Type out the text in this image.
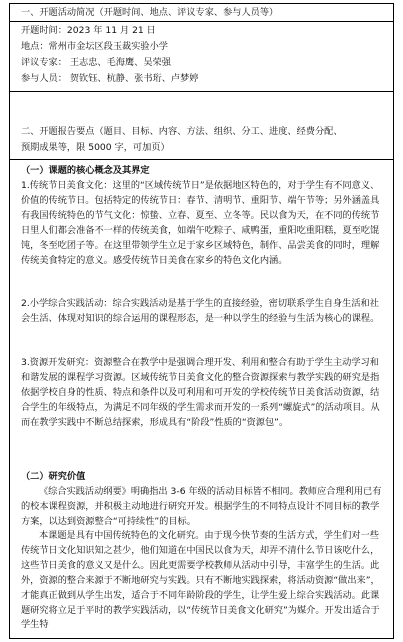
一、开题活动简况（开题时间、地点、评议专家、参与人员等）
开题时间：2023 年 11 月 21 日
地点：常州市金坛区段玉裁实验小学
评议专家： 王志忠、毛海鹰、吴荣强
参与人员： 贺钦钰、杭静、张书珩、卢梦婷
二、开题报告要点（题目、目标、内容、方法、组织、分工、进度、经费分配、
预期成果等，限 5000 字，可加页）
（一）课题的核心概念及其界定
1.传统节日美食文化：这里的“区域传统节日”是依据地区特色的，对于学生有不同意义、价值的传统节日。包括特定的传统节日：春节、清明节、重阳节、端午节等；另外涵盖具有我国传统特色的节气文化：惊蛰、立春、夏至、立冬等。民以食为天，在不同的传统节日里人们都会准备不一样的传统美食，如端午吃粽子、咸鸭蛋，重阳吃重阳糕，夏至吃馄饨，冬至吃团子等。在这里带领学生立足于家乡区域特色，制作、品尝美食的同时，理解传统美食特定的意义。感受传统节日美食在家乡的特色文化内涵。
2.小学综合实践活动：综合实践活动是基于学生的直接经验，密切联系学生自身生活和社会生活、体现对知识的综合运用的课程形态，是一种以学生的经验与生活为核心的课程。
3.资源开发研究：资源整合在教学中是强调合理开发、利用和整合有助于学生主动学习和和谐发展的课程学习资源。区域传统节日美食文化的整合资源探索与教学实践的研究是指依据学校自身的性质、特点和条件以及可利用和可开发的学校传统节日美食活动资源，结合学生的年级特点，为满足不同年级的学生需求而开发的一系列“螺旋式”的活动项目。从而在教学实践中不断总结探索，形成具有“阶段”性质的“资源包”。
（二）研究价值
《综合实践活动纲要》明确指出 3-6 年级的活动目标皆不相同。教师应合理利用已有的校本课程资源，并积极主动地进行研究开发。根据学生的不同特点设计不同目标的教学方案，以达到资源整合“可持续性”的目标。
本课题是具有中国传统特色的文化研究。由于现今快节奏的生活方式，学生们对一些传统节日文化知识知之甚少，他们知道在中国民以食为天，却弄不清什么节日该吃什么，这些节日美食的意义又是什么。因此更需要学校教师从活动中引导，丰富学生的生活。此外，资源的整合来源于不断地研究与实践。只有不断地实践探索，将活动资源“做出来”，才能真正做到从学生出发，适合于不同年龄阶段的学生，让学生爱上综合实践活动。此课题研究将立足于平时的教学实践活动，以“传统节日美食文化研究”为媒介。开发出适合于学生特
